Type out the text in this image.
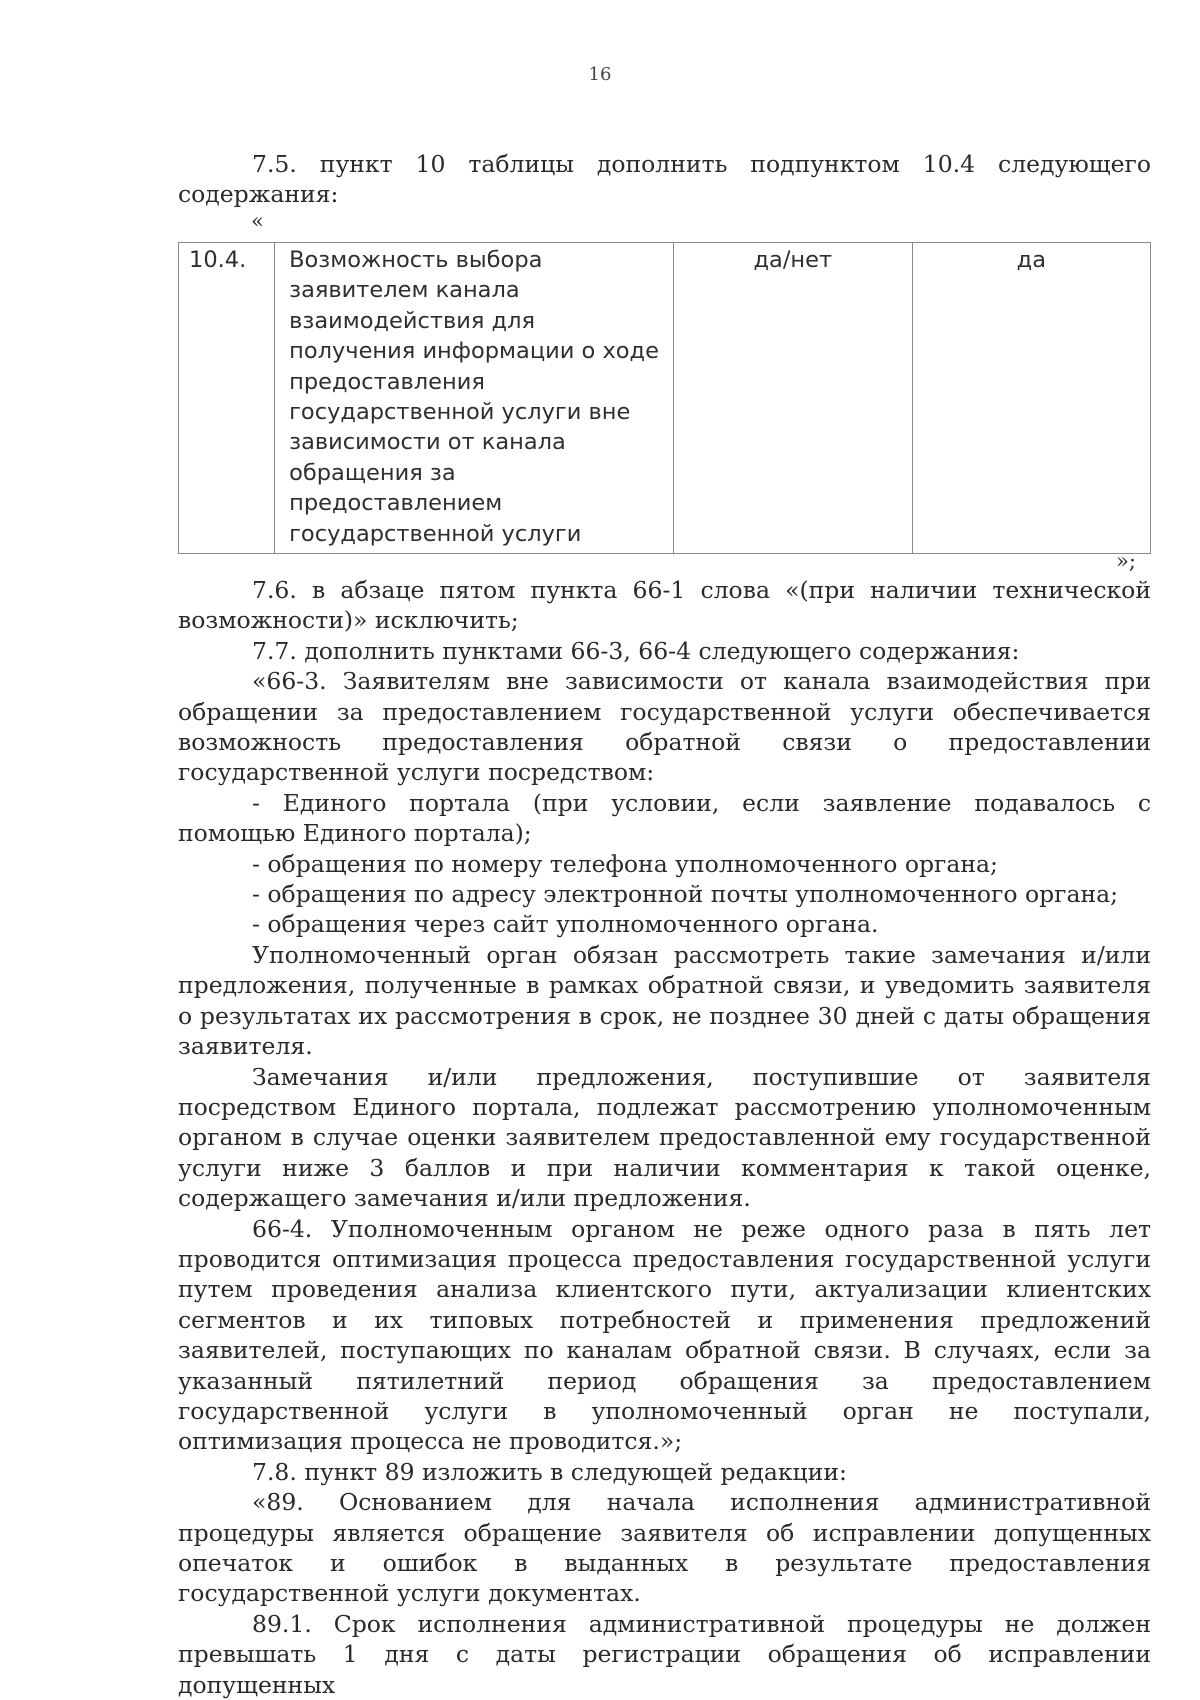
16

7.5. пункт 10 таблицы дополнить подпунктом 10.4 следующего содержания:

«
10.4.	Возможность выбора заявителем канала взаимодействия для получения информации о ходе предоставления государственной услуги вне зависимости от канала обращения за предоставлением государственной услуги	да/нет	да
»;

7.6. в абзаце пятом пункта 66-1 слова «(при наличии технической возможности)» исключить;

7.7. дополнить пунктами 66-3, 66-4 следующего содержания:

«66-3. Заявителям вне зависимости от канала взаимодействия при обращении за предоставлением государственной услуги обеспечивается возможность предоставления обратной связи о предоставлении государственной услуги посредством:

- Единого портала (при условии, если заявление подавалось с помощью Единого портала);

- обращения по номеру телефона уполномоченного органа;

- обращения по адресу электронной почты уполномоченного органа;

- обращения через сайт уполномоченного органа.

Уполномоченный орган обязан рассмотреть такие замечания и/или предложения, полученные в рамках обратной связи, и уведомить заявителя о результатах их рассмотрения в срок, не позднее 30 дней с даты обращения заявителя.

Замечания и/или предложения, поступившие от заявителя посредством Единого портала, подлежат рассмотрению уполномоченным органом в случае оценки заявителем предоставленной ему государственной услуги ниже 3 баллов и при наличии комментария к такой оценке, содержащего замечания и/или предложения.

66-4. Уполномоченным органом не реже одного раза в пять лет проводится оптимизация процесса предоставления государственной услуги путем проведения анализа клиентского пути, актуализации клиентских сегментов и их типовых потребностей и применения предложений заявителей, поступающих по каналам обратной связи. В случаях, если за указанный пятилетний период обращения за предоставлением государственной услуги в уполномоченный орган не поступали, оптимизация процесса не проводится.»;

7.8. пункт 89 изложить в следующей редакции:

«89. Основанием для начала исполнения административной процедуры является обращение заявителя об исправлении допущенных опечаток и ошибок в выданных в результате предоставления государственной услуги документах.

89.1. Срок исполнения административной процедуры не должен превышать 1 дня с даты регистрации обращения об исправлении допущенных
